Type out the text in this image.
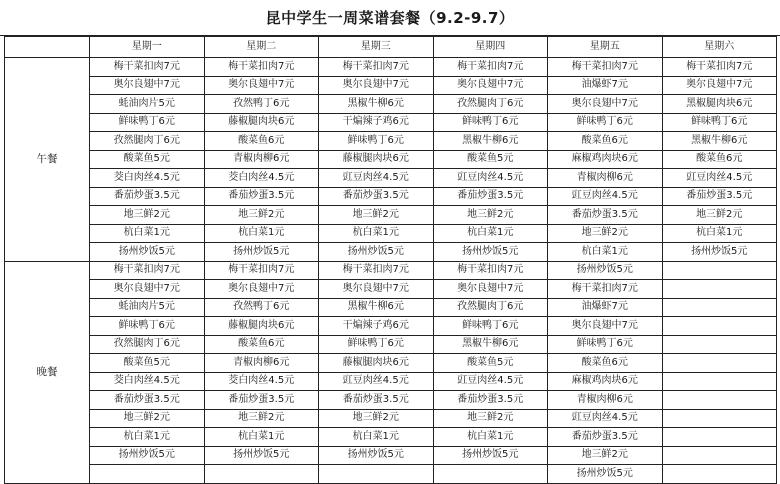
昆中学生一周菜谱套餐（9.2-9.7）
	星期一	星期二	星期三	星期四	星期五	星期六
午餐	梅干菜扣肉7元	梅干菜扣肉7元	梅干菜扣肉7元	梅干菜扣肉7元	梅干菜扣肉7元	梅干菜扣肉7元
	奥尔良翅中7元	奥尔良翅中7元	奥尔良翅中7元	奥尔良翅中7元	油爆虾7元	奥尔良翅中7元
	蚝油肉片5元	孜然鸭丁6元	黑椒牛柳6元	孜然腿肉丁6元	奥尔良翅中7元	黑椒腿肉块6元
	鲜味鸭丁6元	藤椒腿肉块6元	干煸辣子鸡6元	鲜味鸭丁6元	鲜味鸭丁6元	鲜味鸭丁6元
	孜然腿肉丁6元	酸菜鱼6元	鲜味鸭丁6元	黑椒牛柳6元	酸菜鱼6元	黑椒牛柳6元
	酸菜鱼5元	青椒肉柳6元	藤椒腿肉块6元	酸菜鱼5元	麻椒鸡肉块6元	酸菜鱼6元
	茭白肉丝4.5元	茭白肉丝4.5元	豇豆肉丝4.5元	豇豆肉丝4.5元	青椒肉柳6元	豇豆肉丝4.5元
	番茄炒蛋3.5元	番茄炒蛋3.5元	番茄炒蛋3.5元	番茄炒蛋3.5元	豇豆肉丝4.5元	番茄炒蛋3.5元
	地三鲜2元	地三鲜2元	地三鲜2元	地三鲜2元	番茄炒蛋3.5元	地三鲜2元
	杭白菜1元	杭白菜1元	杭白菜1元	杭白菜1元	地三鲜2元	杭白菜1元
	扬州炒饭5元	扬州炒饭5元	扬州炒饭5元	扬州炒饭5元	杭白菜1元	扬州炒饭5元
晚餐	梅干菜扣肉7元	梅干菜扣肉7元	梅干菜扣肉7元	梅干菜扣肉7元	扬州炒饭5元	
	奥尔良翅中7元	奥尔良翅中7元	奥尔良翅中7元	奥尔良翅中7元	梅干菜扣肉7元	
	蚝油肉片5元	孜然鸭丁6元	黑椒牛柳6元	孜然腿肉丁6元	油爆虾7元	
	鲜味鸭丁6元	藤椒腿肉块6元	干煸辣子鸡6元	鲜味鸭丁6元	奥尔良翅中7元	
	孜然腿肉丁6元	酸菜鱼6元	鲜味鸭丁6元	黑椒牛柳6元	鲜味鸭丁6元	
	酸菜鱼5元	青椒肉柳6元	藤椒腿肉块6元	酸菜鱼5元	酸菜鱼6元	
	茭白肉丝4.5元	茭白肉丝4.5元	豇豆肉丝4.5元	豇豆肉丝4.5元	麻椒鸡肉块6元	
	番茄炒蛋3.5元	番茄炒蛋3.5元	番茄炒蛋3.5元	番茄炒蛋3.5元	青椒肉柳6元	
	地三鲜2元	地三鲜2元	地三鲜2元	地三鲜2元	豇豆肉丝4.5元	
	杭白菜1元	杭白菜1元	杭白菜1元	杭白菜1元	番茄炒蛋3.5元	
	扬州炒饭5元	扬州炒饭5元	扬州炒饭5元	扬州炒饭5元	地三鲜2元	
					扬州炒饭5元	
